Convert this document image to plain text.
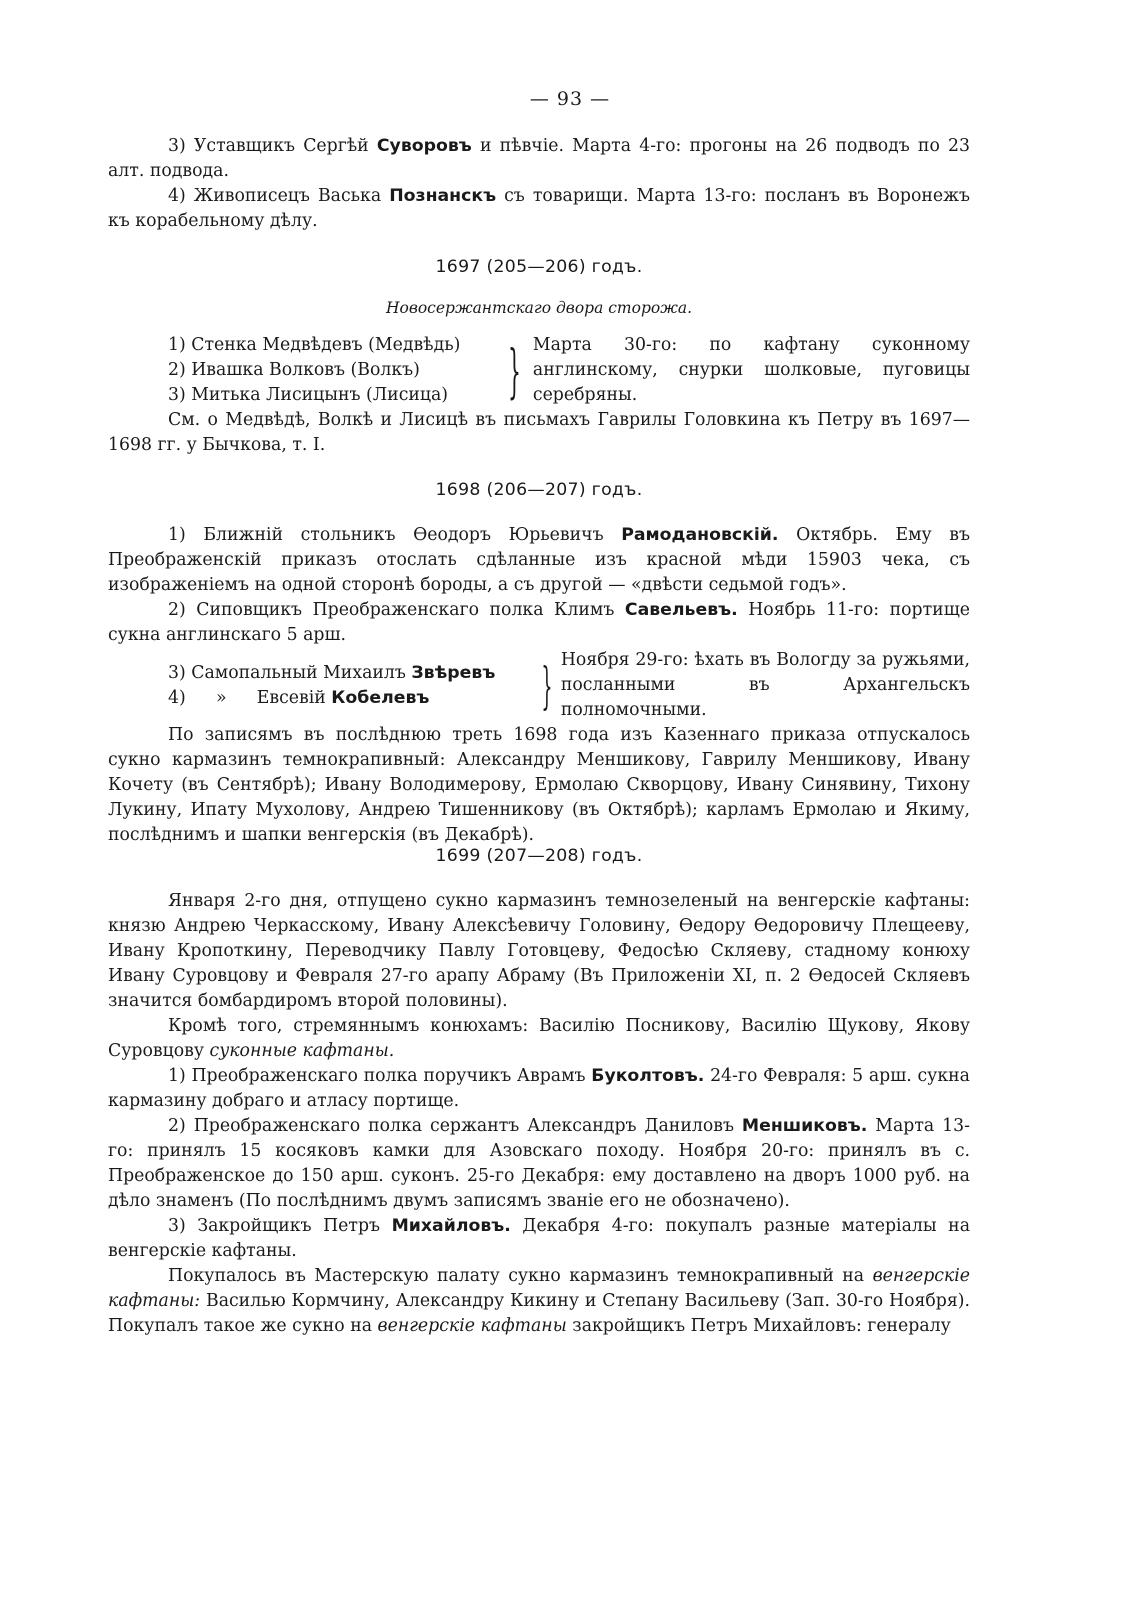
— 93 —

3) Уставщикъ Сергѣй Суворовъ и пѣвчіе. Марта 4-го: прогоны на 26 подводъ по 23 алт. подвода.

4) Живописецъ Васька Познанскъ съ товарищи. Марта 13-го: посланъ въ Воронежъ къ корабельному дѣлу.

1697 (205—206) годъ.

Новосержантскаго двора сторожа.

1) Стенка Медвѣдевъ (Медвѣдь)
2) Ивашка Волковъ (Волкъ)
3) Митька Лисицынъ (Лисица)	} Марта 30-го: по кафтану суконному англинскому, снурки шолковые, пуговицы серебряны.

См. о Медвѣдѣ, Волкѣ и Лисицѣ въ письмахъ Гаврилы Головкина къ Петру въ 1697—1698 гг. у Бычкова, т. I.

1698 (206—207) годъ.

1) Ближній стольникъ Ѳеодоръ Юрьевичъ Рамодановскій. Октябрь. Ему въ Преображенскій приказъ отослать сдѣланные изъ красной мѣди 15903 чека, съ изображеніемъ на одной сторонѣ бороды, а съ другой — «двѣсти седьмой годъ».

2) Сиповщикъ Преображенскаго полка Климъ Савельевъ. Ноябрь 11-го: портище сукна англинскаго 5 арш.

3) Самопальный Михаилъ Звѣревъ
4) » Евсевій Кобелевъ	} Ноября 29-го: ѣхать въ Вологду за ружьями, посланными въ Архангельскъ полномочными.

По записямъ въ послѣднюю треть 1698 года изъ Казеннаго приказа отпускалось сукно кармазинъ темнокрапивный: Александру Меншикову, Гаврилу Меншикову, Ивану Кочету (въ Сентябрѣ); Ивану Володимерову, Ермолаю Скворцову, Ивану Синявину, Тихону Лукину, Ипату Мухолову, Андрею Тишенникову (въ Октябрѣ); карламъ Ермолаю и Якиму, послѣднимъ и шапки венгерскія (въ Декабрѣ).

1699 (207—208) годъ.

Января 2-го дня, отпущено сукно кармазинъ темнозеленый на венгерскіе кафтаны: князю Андрею Черкасскому, Ивану Алексѣевичу Головину, Ѳедору Ѳедоровичу Плещееву, Ивану Кропоткину, Переводчику Павлу Готовцеву, Федосѣю Скляеву, стадному конюху Ивану Суровцову и Февраля 27-го арапу Абраму (Въ Приложеніи XI, п. 2 Ѳедосей Скляевъ значится бомбардиромъ второй половины).

Кромѣ того, стремяннымъ конюхамъ: Василію Посникову, Василію Щукову, Якову Суровцову суконные кафтаны.

1) Преображенскаго полка поручикъ Аврамъ Буколтовъ. 24-го Февраля: 5 арш. сукна кармазину добраго и атласу портище.

2) Преображенскаго полка сержантъ Александръ Даниловъ Меншиковъ. Марта 13-го: принялъ 15 косяковъ камки для Азовскаго походу. Ноября 20-го: принялъ въ с. Преображенское до 150 арш. суконъ. 25-го Декабря: ему доставлено на дворъ 1000 руб. на дѣло знаменъ (По послѣднимъ двумъ записямъ званіе его не обозначено).

3) Закройщикъ Петръ Михайловъ. Декабря 4-го: покупалъ разные матеріалы на венгерскіе кафтаны.

Покупалось въ Мастерскую палату сукно кармазинъ темнокрапивный на венгерскіе кафтаны: Василью Кормчину, Александру Кикину и Степану Васильеву (Зап. 30-го Ноября). Покупалъ такое же сукно на венгерскіе кафтаны закройщикъ Петръ Михайловъ: генералу
